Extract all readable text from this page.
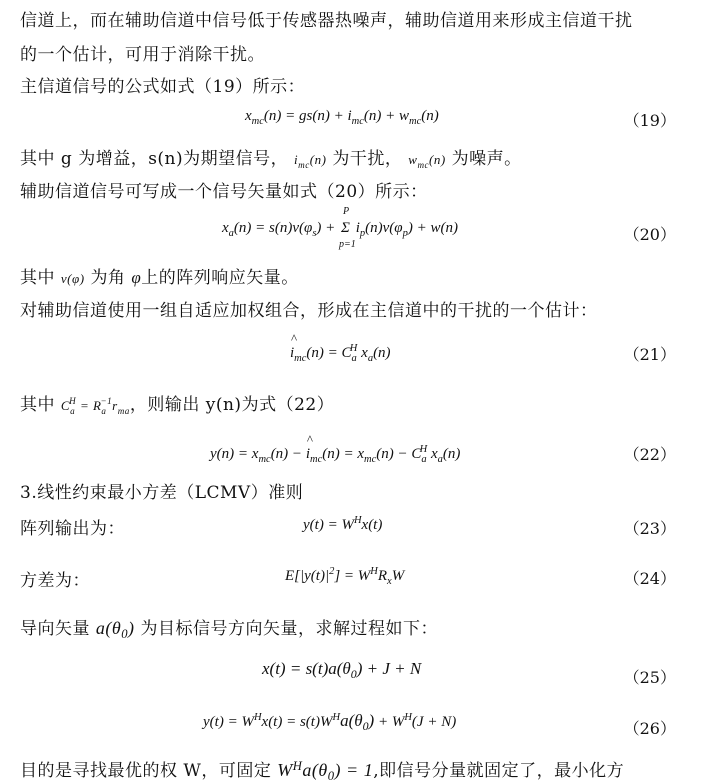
信道上，而在辅助信道中信号低于传感器热噪声，辅助信道用来形成主信道干扰
的一个估计，可用于消除干扰。
主信道信号的公式如式（19）所示：
$x_{mc}(n) = gs(n) + i_{mc}(n) + w_{mc}(n)$	（19）
其中 g 为增益，s(n)为期望信号， $i_{mc}(n)$ 为干扰， $w_{mc}(n)$ 为噪声。
辅助信道信号可写成一个信号矢量如式（20）所示：
$x_a(n) = s(n)v(\varphi_s)$ +
P
Σ
p=1
$i_p(n)v(\varphi_p) + w(n)$	（20）
其中 v(φ) 为角 φ上的阵列响应矢量。
对辅助信道使用一组自适应加权组合，形成在主信道中的干扰的一个估计：
^ $i_{mc}(n) = C_a^H$ $x_a(n)$	（21）
其中 $C_a^H = R_a^{-1}r_{ma}$，则输出 y(n)为式（22）
$y(n) = x_{mc}(n)$ − ^ $i_{mc}(n) = x_{mc}(n) - C_a^H$ $x_a(n)$	（22）
3.线性约束最小方差（LCMV）准则
阵列输出为：	$y(t) = W^Hx(t)$	（23）
方差为：	$E[|y(t)|^2] = W^HR_xW$	（24）
导向矢量 $a(\theta_0)$ 为目标信号方向矢量，求解过程如下：
$x(t) = s(t)a(\theta_0) + J + N$	（25）
$y(t) = W^Hx(t) = s(t)W^Ha(\theta_0) + W^H(J + N)$	（26）
目的是寻找最优的权 W，可固定 $W^Ha(\theta_0) = 1$,即信号分量就固定了，最小化方
